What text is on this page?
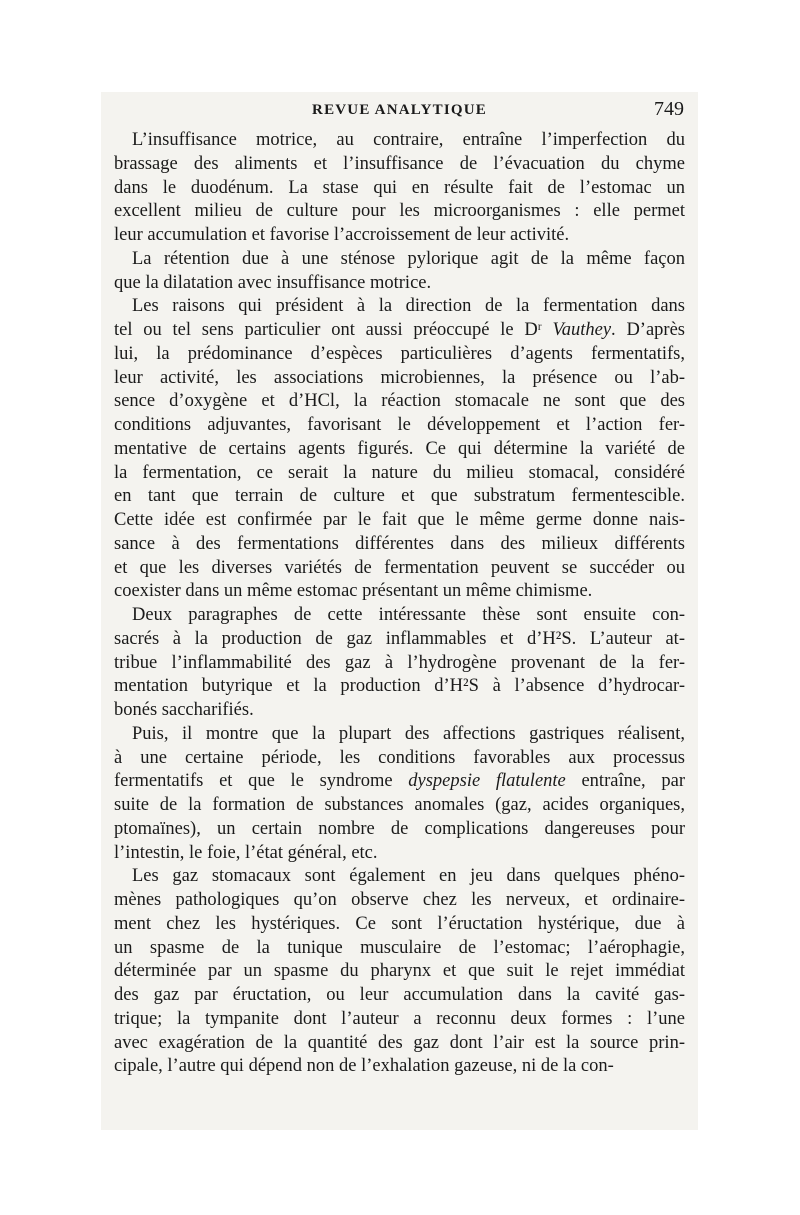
REVUE ANALYTIQUE	749
L’insuffisance motrice, au contraire, entraîne l’imperfection du
brassage des aliments et l’insuffisance de l’évacuation du chyme
dans le duodénum. La stase qui en résulte fait de l’estomac un
excellent milieu de culture pour les microorganismes : elle permet
leur accumulation et favorise l’accroissement de leur activité.
La rétention due à une sténose pylorique agit de la même façon
que la dilatation avec insuffisance motrice.
Les raisons qui président à la direction de la fermentation dans
tel ou tel sens particulier ont aussi préoccupé le Dʳ Vauthey. D’après
lui, la prédominance d’espèces particulières d’agents fermentatifs,
leur activité, les associations microbiennes, la présence ou l’ab-
sence d’oxygène et d’HCl, la réaction stomacale ne sont que des
conditions adjuvantes, favorisant le développement et l’action fer-
mentative de certains agents figurés. Ce qui détermine la variété de
la fermentation, ce serait la nature du milieu stomacal, considéré
en tant que terrain de culture et que substratum fermentescible.
Cette idée est confirmée par le fait que le même germe donne nais-
sance à des fermentations différentes dans des milieux différents
et que les diverses variétés de fermentation peuvent se succéder ou
coexister dans un même estomac présentant un même chimisme.
Deux paragraphes de cette intéressante thèse sont ensuite con-
sacrés à la production de gaz inflammables et d’H²S. L’auteur at-
tribue l’inflammabilité des gaz à l’hydrogène provenant de la fer-
mentation butyrique et la production d’H²S à l’absence d’hydrocar-
bonés saccharifiés.
Puis, il montre que la plupart des affections gastriques réalisent,
à une certaine période, les conditions favorables aux processus
fermentatifs et que le syndrome dyspepsie flatulente entraîne, par
suite de la formation de substances anomales (gaz, acides organiques,
ptomaïnes), un certain nombre de complications dangereuses pour
l’intestin, le foie, l’état général, etc.
Les gaz stomacaux sont également en jeu dans quelques phéno-
mènes pathologiques qu’on observe chez les nerveux, et ordinaire-
ment chez les hystériques. Ce sont l’éructation hystérique, due à
un spasme de la tunique musculaire de l’estomac; l’aérophagie,
déterminée par un spasme du pharynx et que suit le rejet immédiat
des gaz par éructation, ou leur accumulation dans la cavité gas-
trique; la tympanite dont l’auteur a reconnu deux formes : l’une
avec exagération de la quantité des gaz dont l’air est la source prin-
cipale, l’autre qui dépend non de l’exhalation gazeuse, ni de la con-
